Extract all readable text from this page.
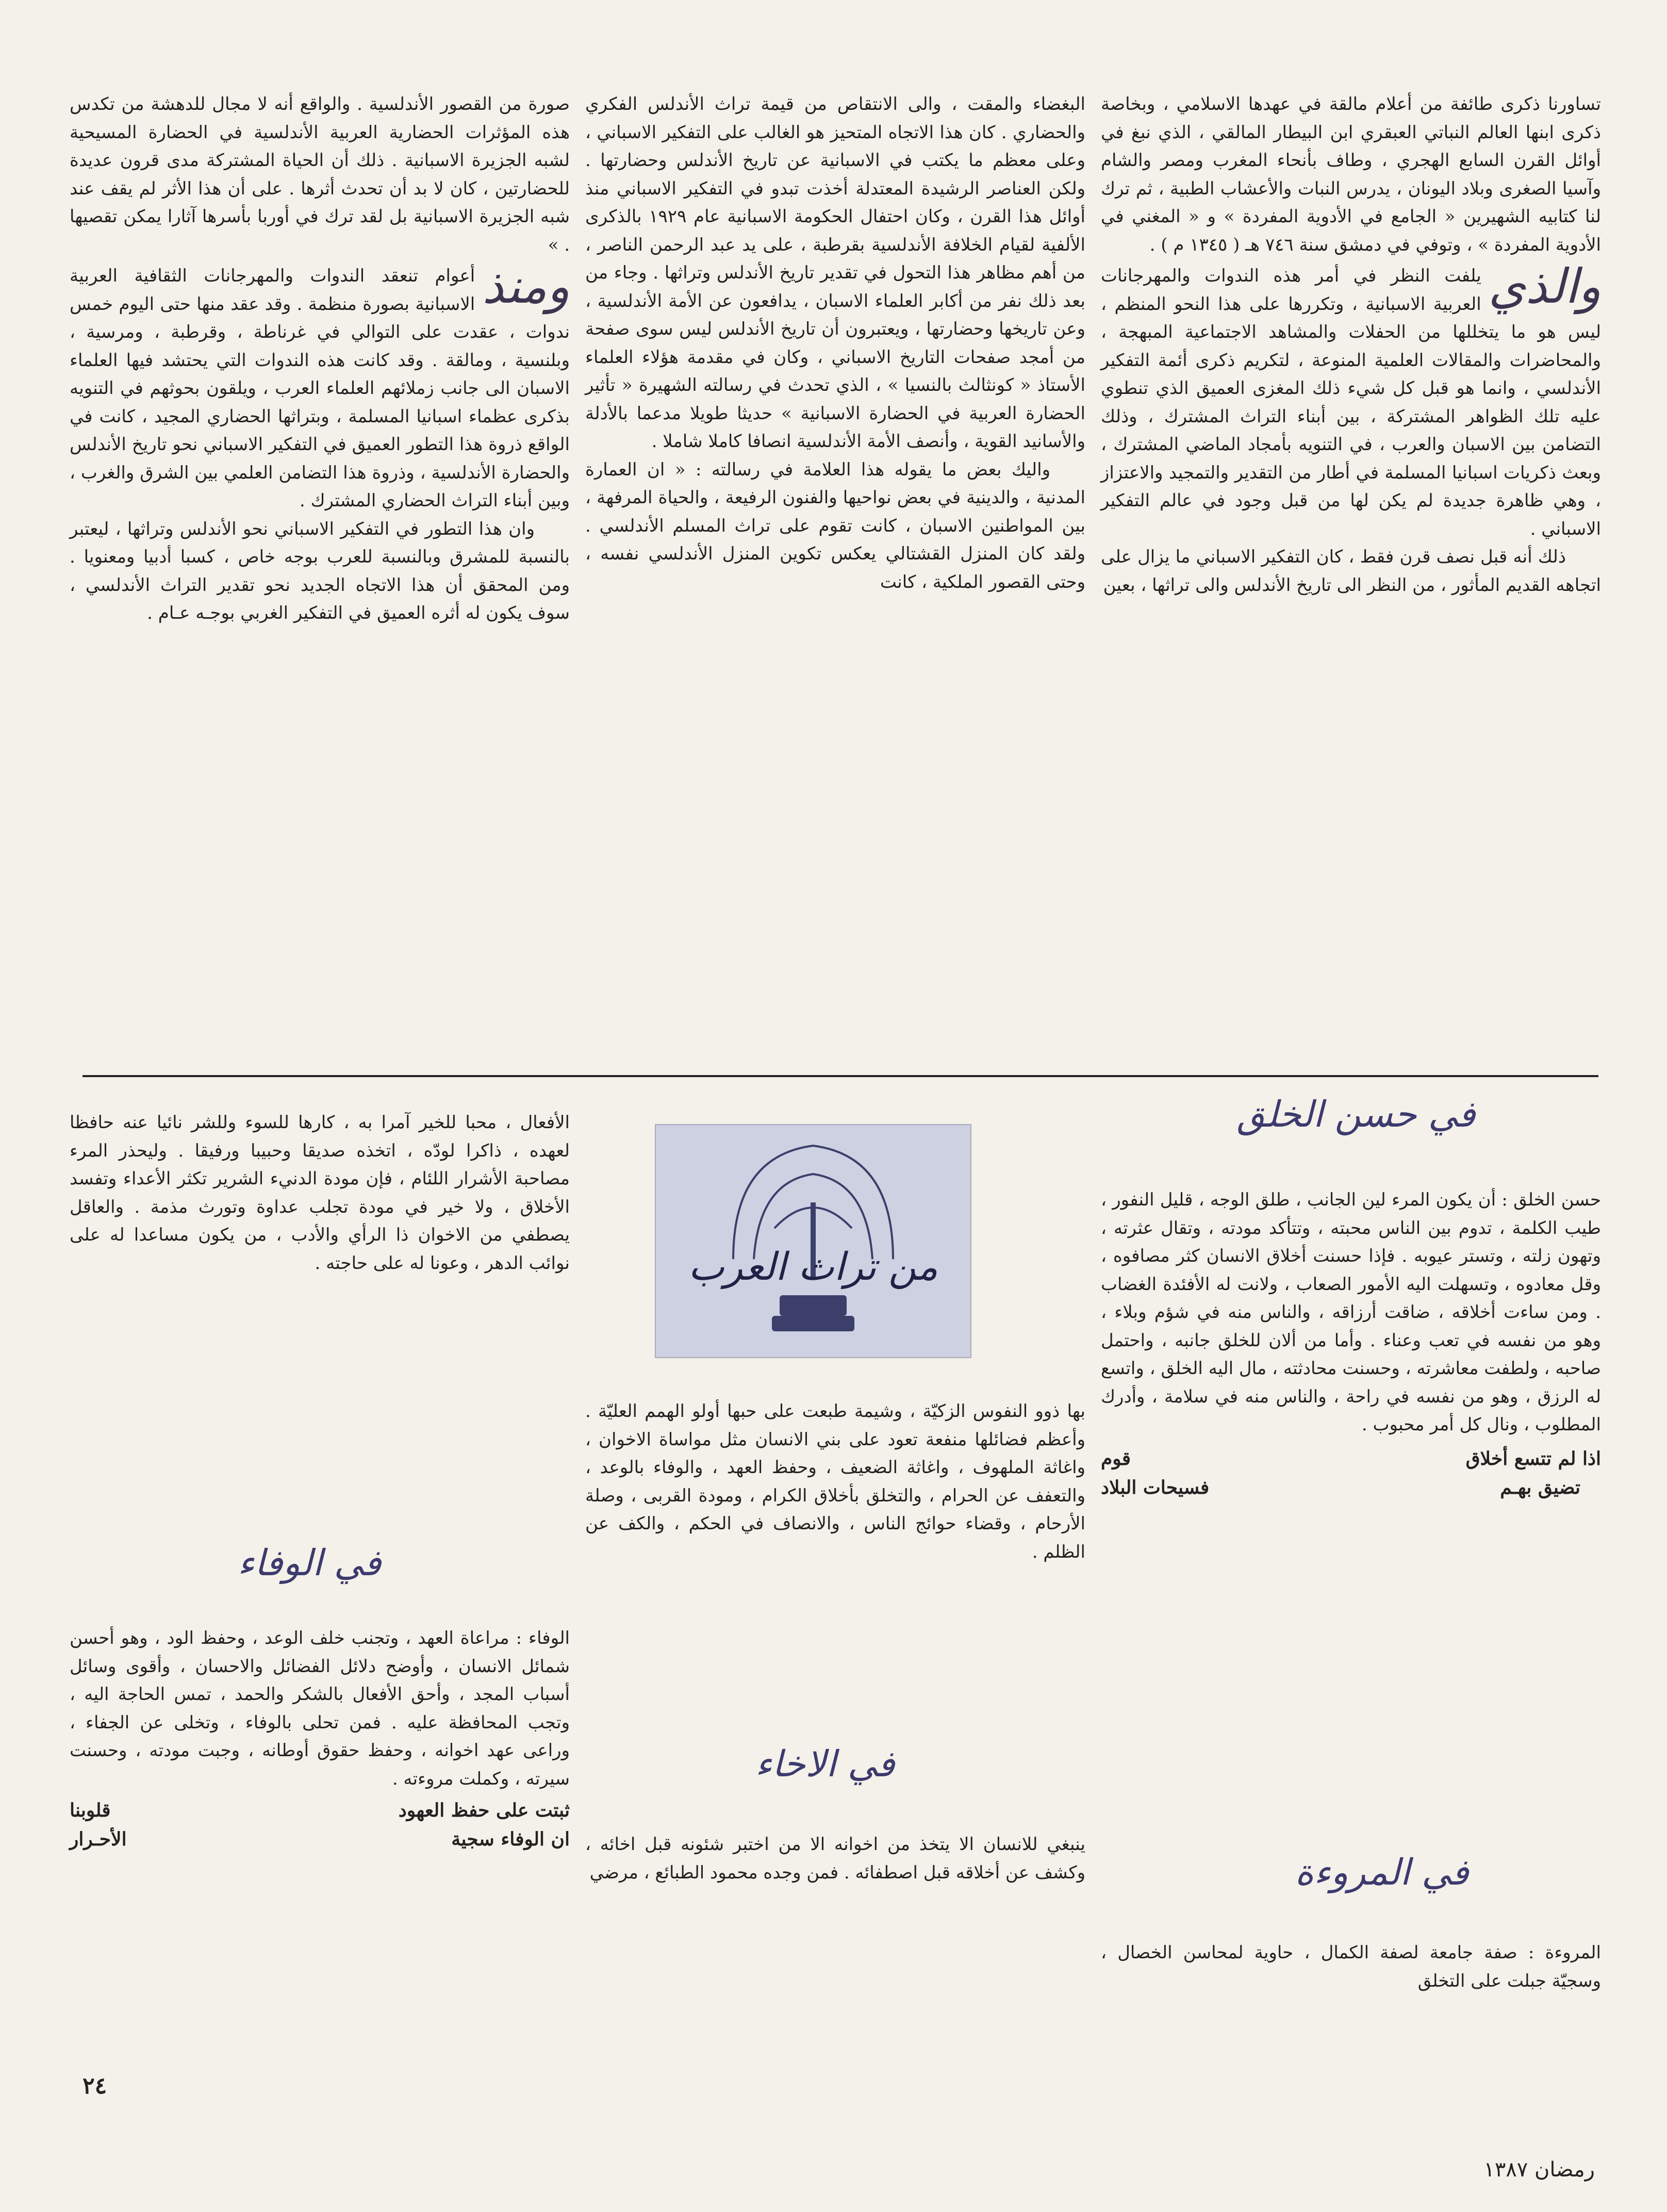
تساورنا ذكرى طائفة من أعلام مالقة في عهدها الاسلامي ، وبخاصة ذكرى ابنها العالم النباتي العبقري ابن البيطار المالقي ، الذي نبغ في أوائل القرن السابع الهجري ، وطاف بأنحاء المغرب ومصر والشام وآسيا الصغرى وبلاد اليونان ، يدرس النبات والأعشاب الطبية ، ثم ترك لنا كتابيه الشهيرين « الجامع في الأدوية المفردة » و « المغني في الأدوية المفردة » ، وتوفي في دمشق سنة ٧٤٦ هـ ( ١٣٤٥ م ) .

والذي
يلفت النظر في أمر هذه الندوات والمهرجانات العربية الاسبانية ، وتكررها على هذا النحو المنظم ، ليس هو ما يتخللها من الحفلات والمشاهد الاجتماعية المبهجة ، والمحاضرات والمقالات العلمية المنوعة ، لتكريم ذكرى أئمة التفكير الأندلسي ، وانما هو قبل كل شيء ذلك المغزى العميق الذي تنطوي عليه تلك الظواهر المشتركة ، بين أبناء التراث المشترك ، وذلك التضامن بين الاسبان والعرب ، في التنويه بأمجاد الماضي المشترك ، وبعث ذكريات اسبانيا المسلمة في أطار من التقدير والتمجيد والاعتزاز ، وهي ظاهرة جديدة لم يكن لها من قبل وجود في عالم التفكير الاسباني .

ذلك أنه قبل نصف قرن فقط ، كان التفكير الاسباني ما يزال على اتجاهه القديم المأثور ، من النظر الى تاريخ الأندلس والى تراثها ، بعين

البغضاء والمقت ، والى الانتقاص من قيمة تراث الأندلس الفكري والحضاري . كان هذا الاتجاه المتحيز هو الغالب على التفكير الاسباني ، وعلى معظم ما يكتب في الاسبانية عن تاريخ الأندلس وحضارتها . ولكن العناصر الرشيدة المعتدلة أخذت تبدو في التفكير الاسباني منذ أوائل هذا القرن ، وكان احتفال الحكومة الاسبانية عام ١٩٢٩ بالذكرى الألفية لقيام الخلافة الأندلسية بقرطبة ، على يد عبد الرحمن الناصر ، من أهم مظاهر هذا التحول في تقدير تاريخ الأندلس وتراثها . وجاء من بعد ذلك نفر من أكابر العلماء الاسبان ، يدافعون عن الأمة الأندلسية ، وعن تاريخها وحضارتها ، ويعتبرون أن تاريخ الأندلس ليس سوى صفحة من أمجد صفحات التاريخ الاسباني ، وكان في مقدمة هؤلاء العلماء الأستاذ « كونثالث بالنسيا » ، الذي تحدث في رسالته الشهيرة « تأثير الحضارة العربية في الحضارة الاسبانية » حديثا طويلا مدعما بالأدلة والأسانيد القوية ، وأنصف الأمة الأندلسية انصافا كاملا شاملا .

واليك بعض ما يقوله هذا العلامة في رسالته : « ان العمارة المدنية ، والدينية في بعض نواحيها والفنون الرفيعة ، والحياة المرفهة ، بين المواطنين الاسبان ، كانت تقوم على تراث المسلم الأندلسي . ولقد كان المنزل القشتالي يعكس تكوين المنزل الأندلسي نفسه ، وحتى القصور الملكية ، كانت

صورة من القصور الأندلسية . والواقع أنه لا مجال للدهشة من تكدس هذه المؤثرات الحضارية العربية الأندلسية في الحضارة المسيحية لشبه الجزيرة الاسبانية . ذلك أن الحياة المشتركة مدى قرون عديدة للحضارتين ، كان لا بد أن تحدث أثرها . على أن هذا الأثر لم يقف عند شبه الجزيرة الاسبانية بل لقد ترك في أوربا بأسرها آثارا يمكن تقصيها . »

ومنذ
أعوام تنعقد الندوات والمهرجانات الثقافية العربية الاسبانية بصورة منظمة . وقد عقد منها حتى اليوم خمس ندوات ، عقدت على التوالي في غرناطة ، وقرطبة ، ومرسية ، وبلنسية ، ومالقة . وقد كانت هذه الندوات التي يحتشد فيها العلماء الاسبان الى جانب زملائهم العلماء العرب ، ويلقون بحوثهم في التنويه بذكرى عظماء اسبانيا المسلمة ، وبتراثها الحضاري المجيد ، كانت في الواقع ذروة هذا التطور العميق في التفكير الاسباني نحو تاريخ الأندلس والحضارة الأندلسية ، وذروة هذا التضامن العلمي بين الشرق والغرب ، وبين أبناء التراث الحضاري المشترك .

وان هذا التطور في التفكير الاسباني نحو الأندلس وتراثها ، ليعتبر بالنسبة للمشرق وبالنسبة للعرب بوجه خاص ، كسبا أدبيا ومعنويا . ومن المحقق أن هذا الاتجاه الجديد نحو تقدير التراث الأندلسي ، سوف يكون له أثره العميق في التفكير الغربي بوجـه عـام .

من تراث العرب
في حسن الخلق

حسن الخلق : أن يكون المرء لين الجانب ، طلق الوجه ، قليل النفور ، طيب الكلمة ، تدوم بين الناس محبته ، وتتأكد مودته ، وتقال عثرته ، وتهون زلته ، وتستر عيوبه . فإذا حسنت أخلاق الانسان كثر مصافوه ، وقل معادوه ، وتسهلت اليه الأمور الصعاب ، ولانت له الأفئدة الغضاب . ومن ساءت أخلاقه ، ضاقت أرزاقه ، والناس منه في شؤم وبلاء ، وهو من نفسه في تعب وعناء . وأما من ألان للخلق جانبه ، واحتمل صاحبه ، ولطفت معاشرته ، وحسنت محادثته ، مال اليه الخلق ، واتسع له الرزق ، وهو من نفسه في راحة ، والناس منه في سلامة ، وأدرك المطلوب ، ونال كل أمر محبوب .

اذا لم تتسع أخلاق
قوم
تضيق بهـم
فسيحات البلاد
في المروءة

المروءة : صفة جامعة لصفة الكمال ، حاوية لمحاسن الخصال ، وسجيّة جبلت على التخلق

بها ذوو النفوس الزكيّة ، وشيمة طبعت على حبها أولو الهمم العليّة . وأعظم فضائلها منفعة تعود على بني الانسان مثل مواساة الاخوان ، واغاثة الملهوف ، واغاثة الضعيف ، وحفظ العهد ، والوفاء بالوعد ، والتعفف عن الحرام ، والتخلق بأخلاق الكرام ، ومودة القربى ، وصلة الأرحام ، وقضاء حوائج الناس ، والانصاف في الحكم ، والكف عن الظلم .

في الاخاء

ينبغي للانسان الا يتخذ من اخوانه الا من اختبر شئونه قبل اخائه ، وكشف عن أخلاقه قبل اصطفائه . فمن وجده محمود الطبائع ، مرضي

الأفعال ، محبا للخير آمرا به ، كارها للسوء وللشر نائيا عنه حافظا لعهده ، ذاكرا لودّه ، اتخذه صديقا وحبيبا ورفيقا . وليحذر المرء مصاحبة الأشرار اللئام ، فإن مودة الدنيء الشرير تكثر الأعداء وتفسد الأخلاق ، ولا خير في مودة تجلب عداوة وتورث مذمة . والعاقل يصطفي من الاخوان ذا الرأي والأدب ، من يكون مساعدا له على نوائب الدهر ، وعونا له على حاجته .

في الوفاء

الوفاء : مراعاة العهد ، وتجنب خلف الوعد ، وحفظ الود ، وهو أحسن شمائل الانسان ، وأوضح دلائل الفضائل والاحسان ، وأقوى وسائل أسباب المجد ، وأحق الأفعال بالشكر والحمد ، تمس الحاجة اليه ، وتجب المحافظة عليه . فمن تحلى بالوفاء ، وتخلى عن الجفاء ، وراعى عهد اخوانه ، وحفظ حقوق أوطانه ، وجبت مودته ، وحسنت سيرته ، وكملت مروءته .

ثبتت على حفظ العهود
قلوبنا
ان الوفاء سجية
الأحـرار
٢٤
رمضان ١٣٨٧
